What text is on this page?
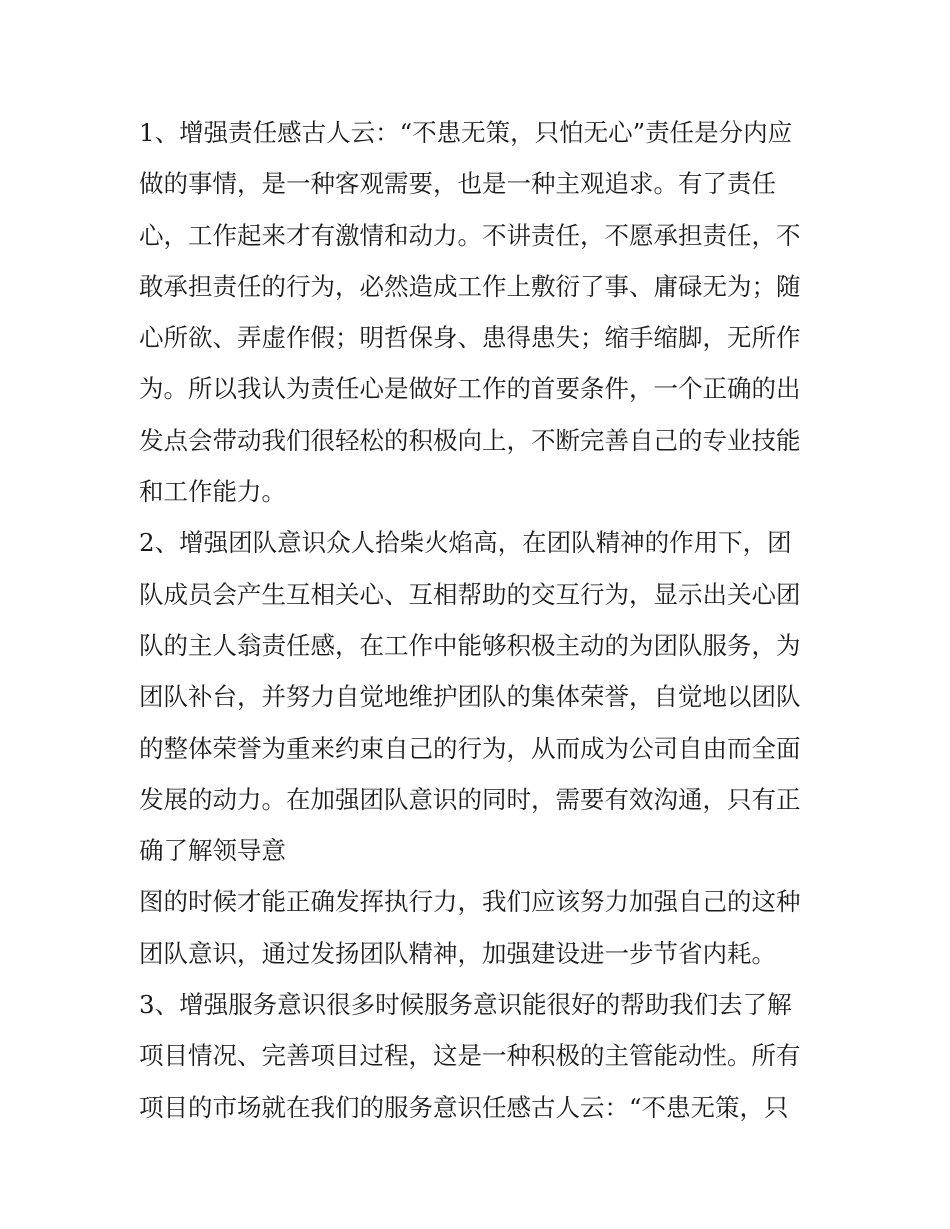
1、增强责任感古人云：“不患无策，只怕无心”责任是分内应
做的事情，是一种客观需要，也是一种主观追求。有了责任
心，工作起来才有激情和动力。不讲责任，不愿承担责任，不
敢承担责任的行为，必然造成工作上敷衍了事、庸碌无为；随
心所欲、弄虚作假；明哲保身、患得患失；缩手缩脚，无所作
为。所以我认为责任心是做好工作的首要条件，一个正确的出
发点会带动我们很轻松的积极向上，不断完善自己的专业技能
和工作能力。
2、增强团队意识众人拾柴火焰高，在团队精神的作用下，团
队成员会产生互相关心、互相帮助的交互行为，显示出关心团
队的主人翁责任感，在工作中能够积极主动的为团队服务，为
团队补台，并努力自觉地维护团队的集体荣誉，自觉地以团队
的整体荣誉为重来约束自己的行为，从而成为公司自由而全面
发展的动力。在加强团队意识的同时，需要有效沟通，只有正
确了解领导意
图的时候才能正确发挥执行力，我们应该努力加强自己的这种
团队意识，通过发扬团队精神，加强建设进一步节省内耗。
3、增强服务意识很多时候服务意识能很好的帮助我们去了解
项目情况、完善项目过程，这是一种积极的主管能动性。所有
项目的市场就在我们的服务意识任感古人云：“不患无策，只
